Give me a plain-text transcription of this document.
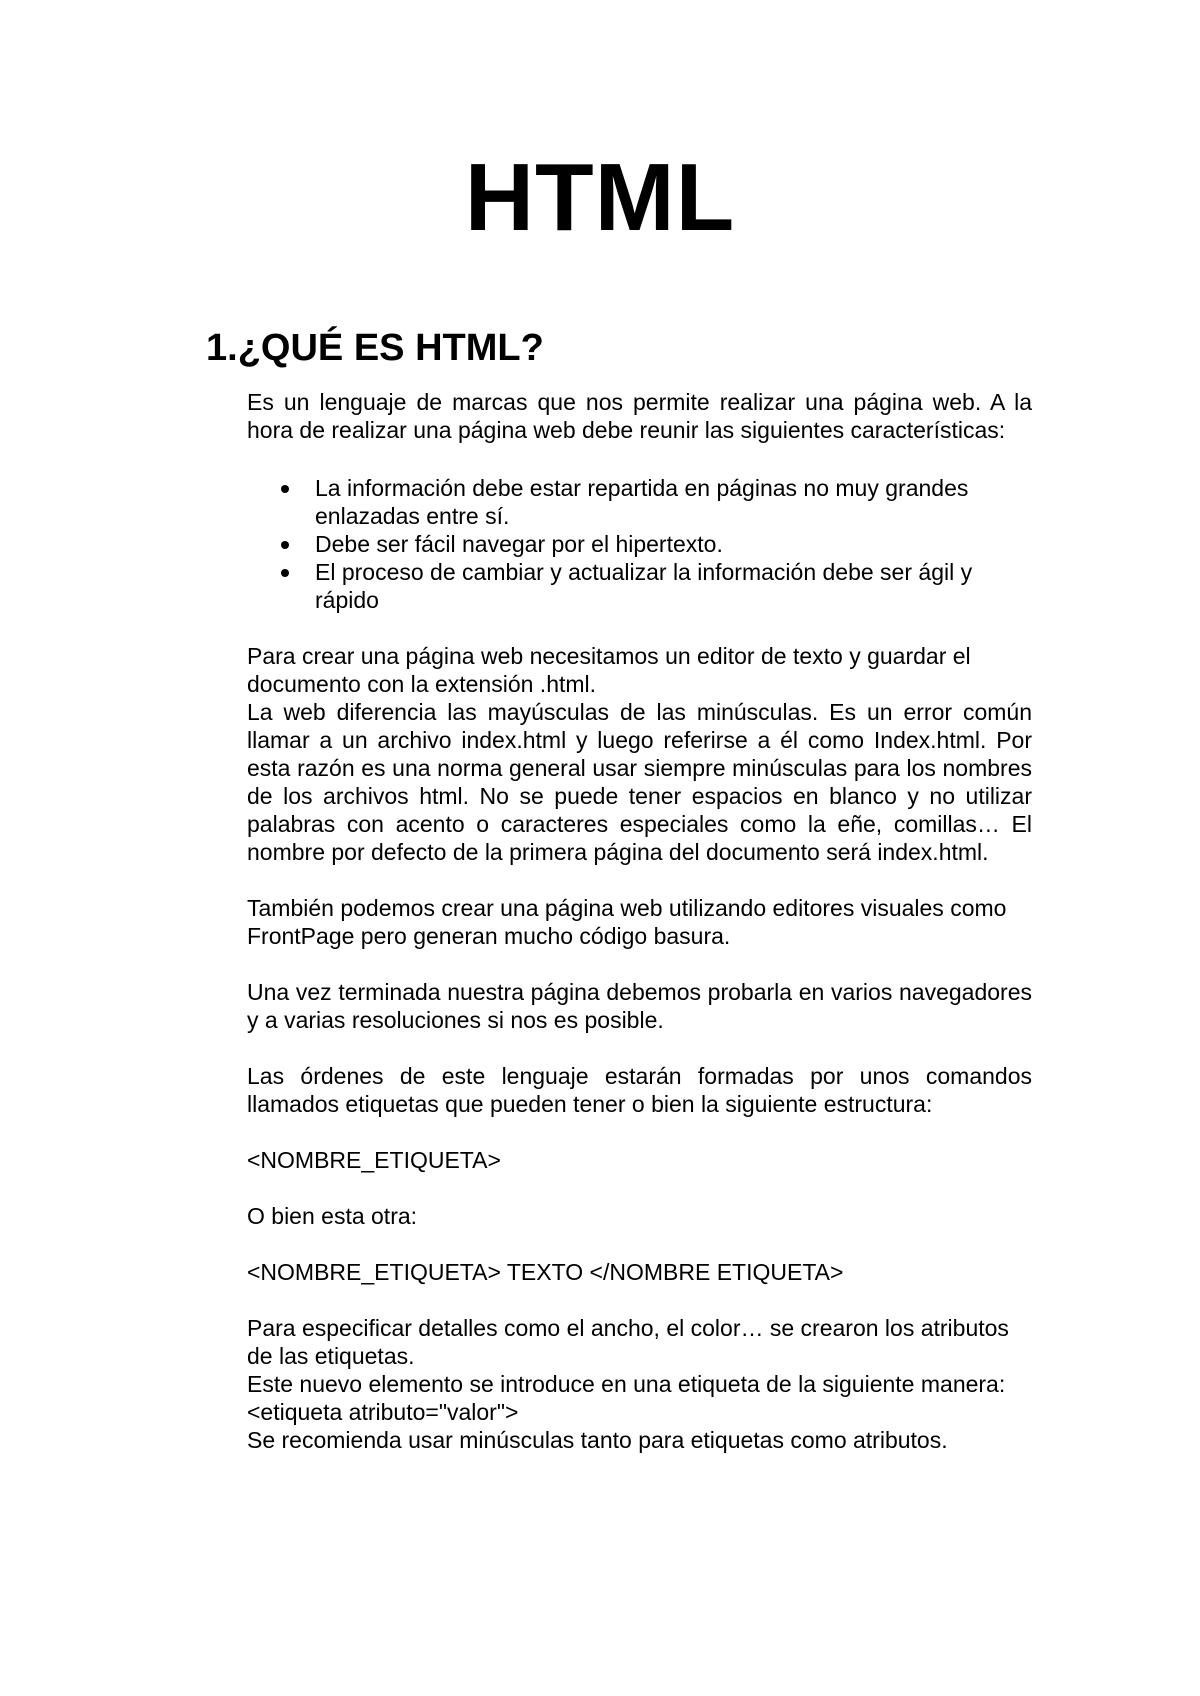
HTML
1.¿QUÉ ES HTML?

Es un lenguaje de marcas que nos permite realizar una página web. A la hora de realizar una página web debe reunir las siguientes características:

La información debe estar repartida en páginas no muy grandes enlazadas entre sí.
Debe ser fácil navegar por el hipertexto.
El proceso de cambiar y actualizar la información debe ser ágil y rápido

Para crear una página web necesitamos un editor de texto y guardar el documento con la extensión .html.

La web diferencia las mayúsculas de las minúsculas. Es un error común llamar a un archivo index.html y luego referirse a él como Index.html. Por esta razón es una norma general usar siempre minúsculas para los nombres de los archivos html. No se puede tener espacios en blanco y no utilizar palabras con acento o caracteres especiales como la eñe, comillas… El nombre por defecto de la primera página del documento será index.html.

También podemos crear una página web utilizando editores visuales como FrontPage pero generan mucho código basura.

Una vez terminada nuestra página debemos probarla en varios navegadores y a varias resoluciones si nos es posible.

Las órdenes de este lenguaje estarán formadas por unos comandos llamados etiquetas que pueden tener o bien la siguiente estructura:

<NOMBRE_ETIQUETA>

O bien esta otra:

<NOMBRE_ETIQUETA> TEXTO </NOMBRE ETIQUETA>

Para especificar detalles como el ancho, el color… se crearon los atributos de las etiquetas.

Este nuevo elemento se introduce en una etiqueta de la siguiente manera:

<etiqueta atributo="valor">

Se recomienda usar minúsculas tanto para etiquetas como atributos.
